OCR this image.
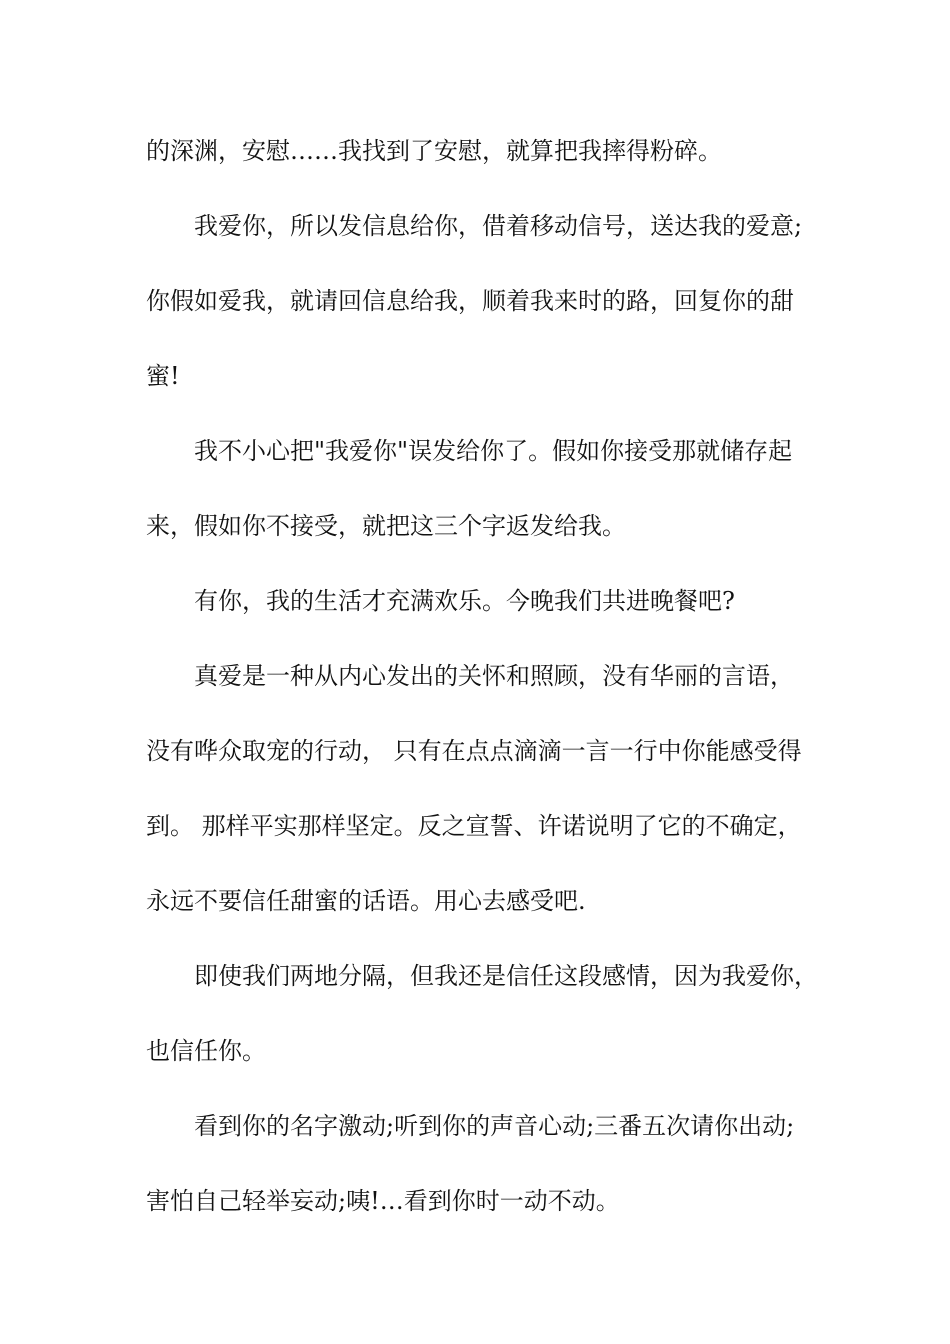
的深渊，安慰……我找到了安慰，就算把我摔得粉碎。

我爱你，所以发信息给你，借着移动信号，送达我的爱意;

你假如爱我，就请回信息给我，顺着我来时的路，回复你的甜

蜜!

我不小心把"我爱你"误发给你了。假如你接受那就储存起

来，假如你不接受，就把这三个字返发给我。

有你，我的生活才充满欢乐。今晚我们共进晚餐吧?

真爱是一种从内心发出的关怀和照顾，没有华丽的言语，

没有哗众取宠的行动， 只有在点点滴滴一言一行中你能感受得

到。 那样平实那样坚定。反之宣誓、许诺说明了它的不确定，

永远不要信任甜蜜的话语。用心去感受吧.

即使我们两地分隔，但我还是信任这段感情，因为我爱你，

也信任你。

看到你的名字激动;听到你的声音心动;三番五次请你出动;

害怕自己轻举妄动;咦!…看到你时一动不动。
